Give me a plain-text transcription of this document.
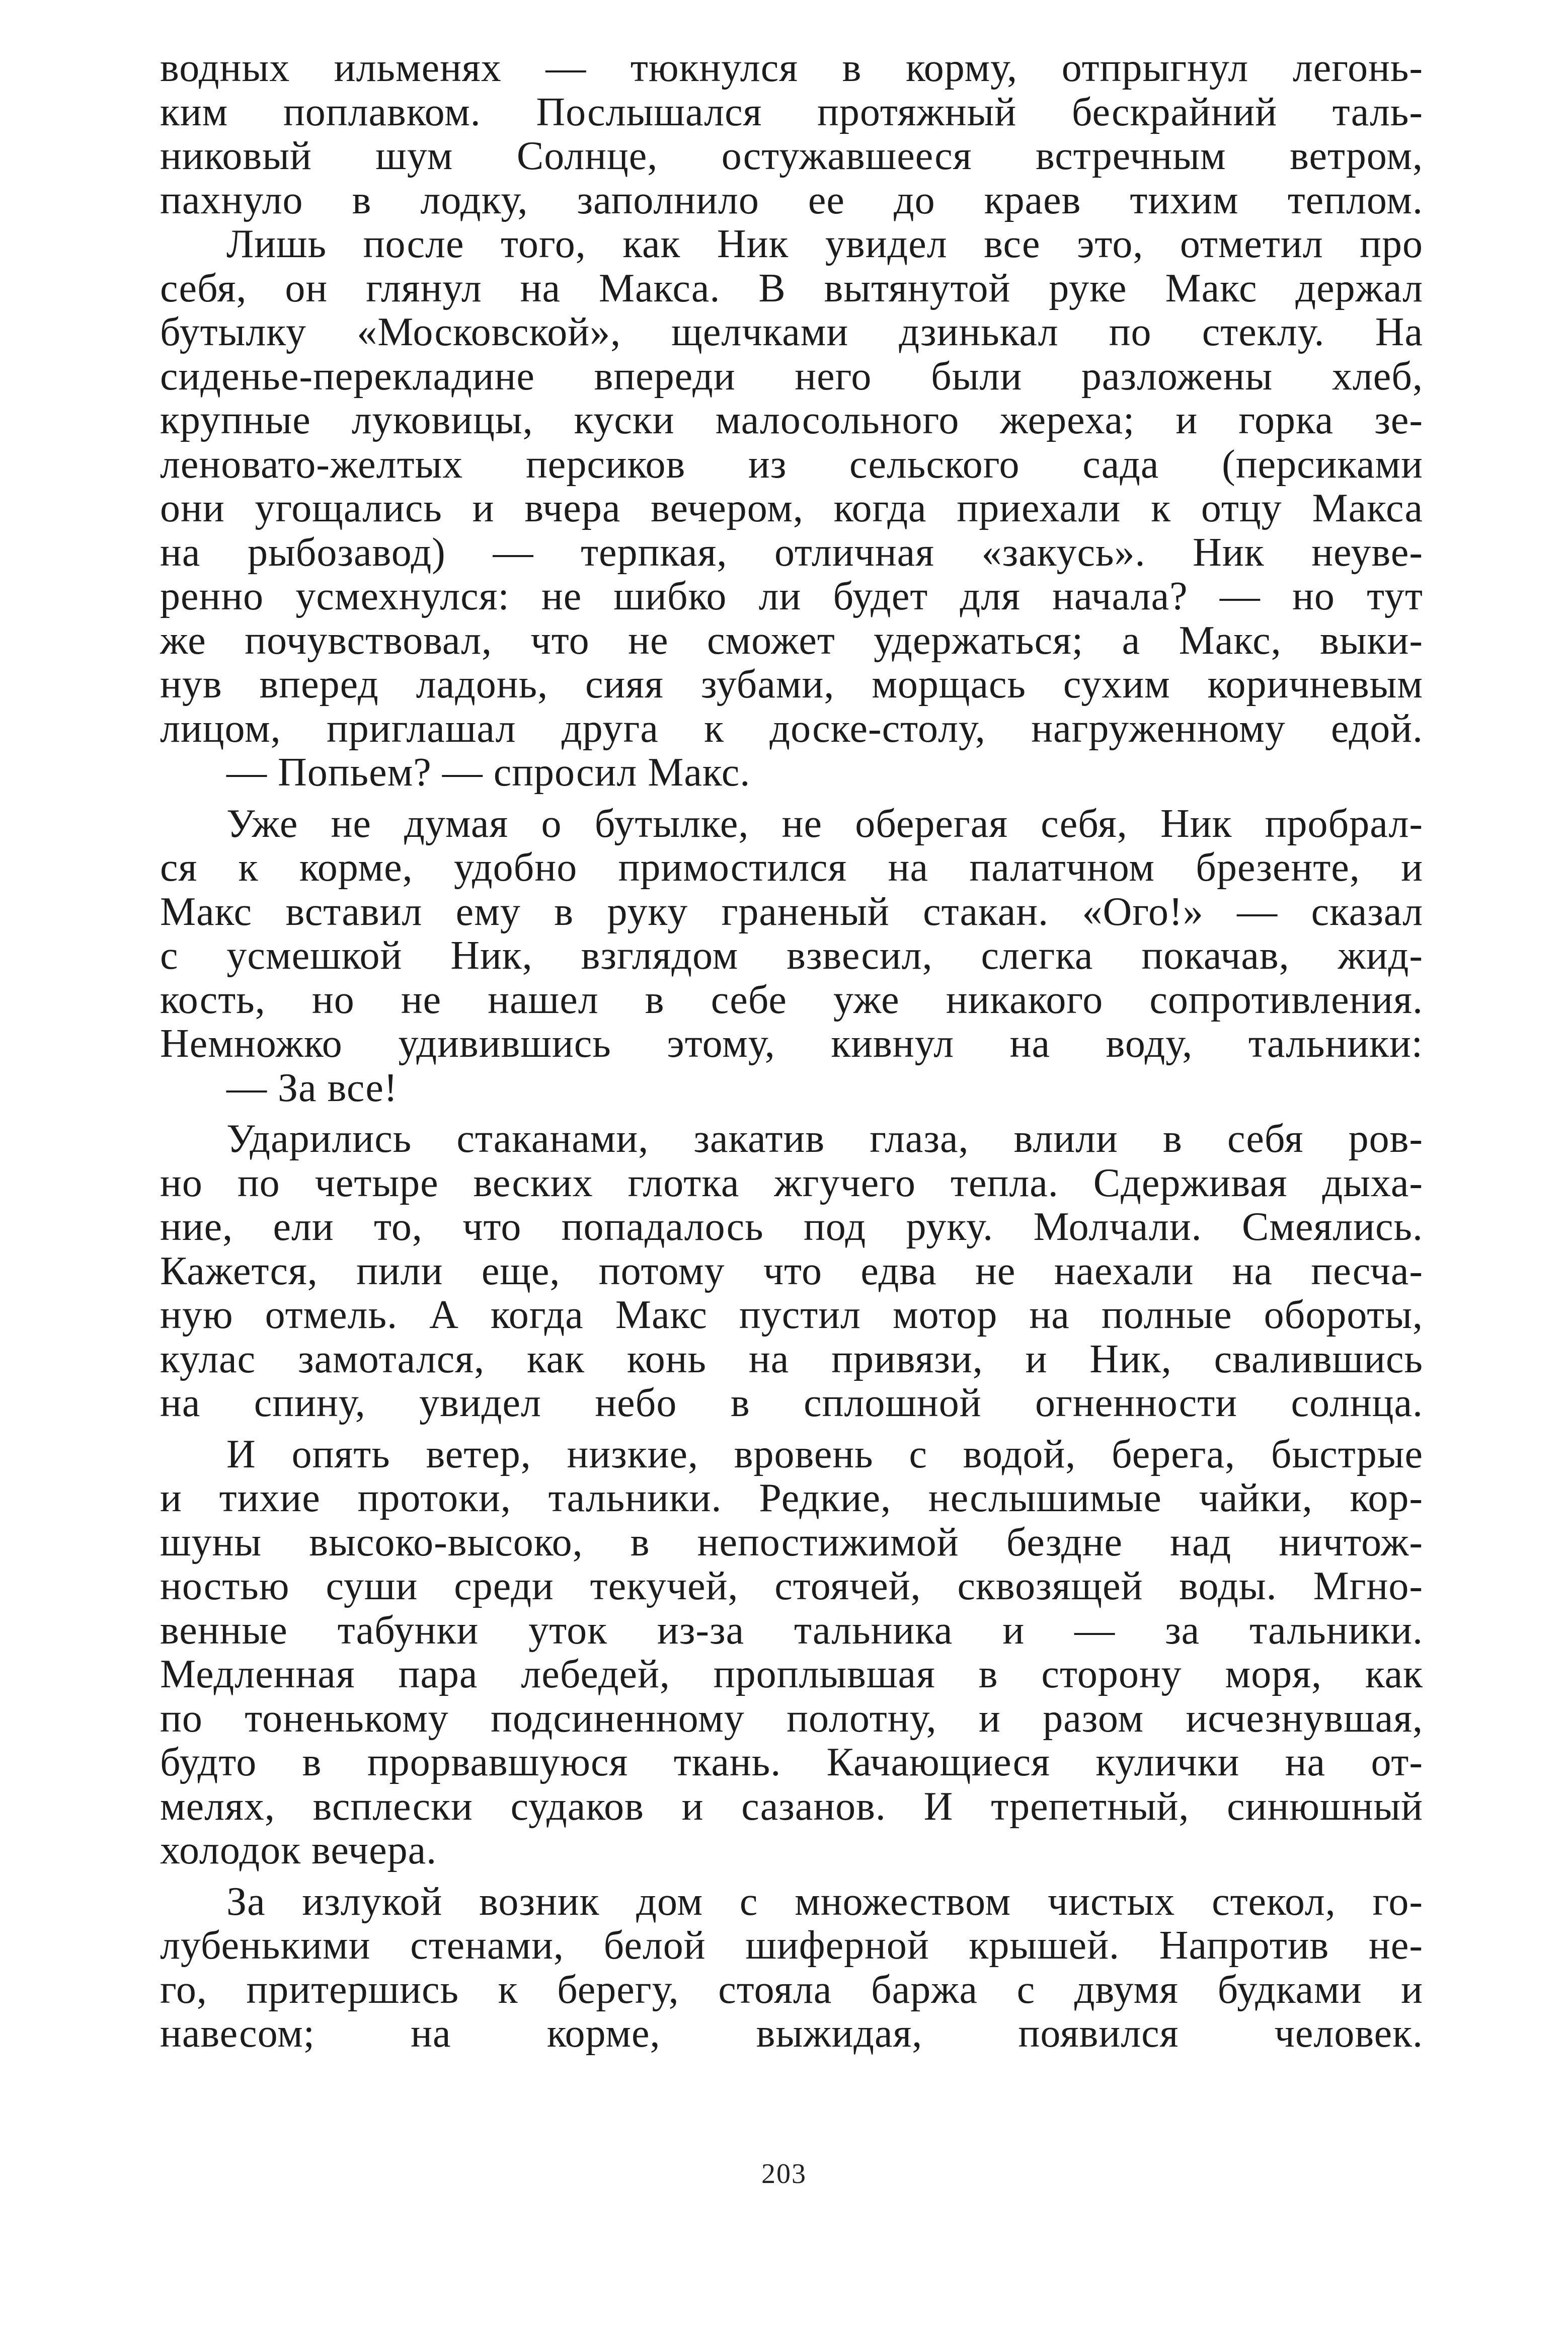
водных ильменях — тюкнулся в корму, отпрыгнул легонь-
ким поплавком. Послышался протяжный бескрайний таль-
никовый шум Солнце, остужавшееся встречным ветром,
пахнуло в лодку, заполнило ее до краев тихим теплом.
Лишь после того, как Ник увидел все это, отметил про
себя, он глянул на Макса. В вытянутой руке Макс держал
бутылку «Московской», щелчками дзинькал по стеклу. На
сиденье-перекладине впереди него были разложены хлеб,
крупные луковицы, куски малосольного жереха; и горка зе-
леновато-желтых персиков из сельского сада (персиками
они угощались и вчера вечером, когда приехали к отцу Макса
на рыбозавод) — терпкая, отличная «закусь». Ник неуве-
ренно усмехнулся: не шибко ли будет для начала? — но тут
же почувствовал, что не сможет удержаться; а Макс, выки-
нув вперед ладонь, сияя зубами, морщась сухим коричневым
лицом, приглашал друга к доске-столу, нагруженному едой.
— Попьем? — спросил Макс.
Уже не думая о бутылке, не оберегая себя, Ник пробрал-
ся к корме, удобно примостился на палатчном брезенте, и
Макс вставил ему в руку граненый стакан. «Ого!» — сказал
с усмешкой Ник, взглядом взвесил, слегка покачав, жид-
кость, но не нашел в себе уже никакого сопротивления.
Немножко удивившись этому, кивнул на воду, тальники:
— За все!
Ударились стаканами, закатив глаза, влили в себя ров-
но по четыре веских глотка жгучего тепла. Сдерживая дыха-
ние, ели то, что попадалось под руку. Молчали. Смеялись.
Кажется, пили еще, потому что едва не наехали на песча-
ную отмель. А когда Макс пустил мотор на полные обороты,
кулас замотался, как конь на привязи, и Ник, свалившись
на спину, увидел небо в сплошной огненности солнца.
И опять ветер, низкие, вровень с водой, берега, быстрые
и тихие протоки, тальники. Редкие, неслышимые чайки, кор-
шуны высоко-высоко, в непостижимой бездне над ничтож-
ностью суши среди текучей, стоячей, сквозящей воды. Мгно-
венные табунки уток из-за тальника и — за тальники.
Медленная пара лебедей, проплывшая в сторону моря, как
по тоненькому подсиненному полотну, и разом исчезнувшая,
будто в прорвавшуюся ткань. Качающиеся кулички на от-
мелях, всплески судаков и сазанов. И трепетный, синюшный
холодок вечера.
За излукой возник дом с множеством чистых стекол, го-
лубенькими стенами, белой шиферной крышей. Напротив не-
го, притершись к берегу, стояла баржа с двумя будками и
навесом; на корме, выжидая, появился человек.
203
